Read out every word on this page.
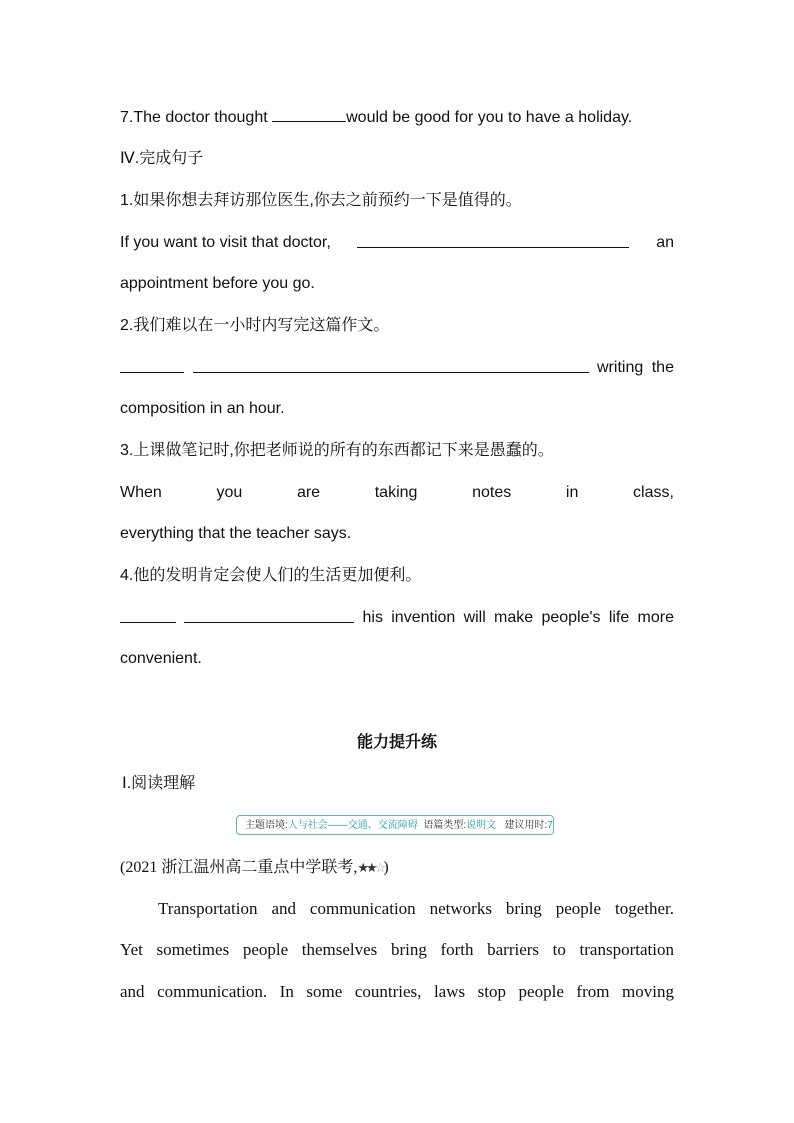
7.The doctor thought	would be good for you to have a holiday.
Ⅳ.完成句子
1.如果你想去拜访那位医生,你去之前预约一下是值得的。
If you want to visit that doctor,	an
appointment before you go.
2.我们难以在一小时内写完这篇作文。
writing the
composition in an hour.
3.上课做笔记时,你把老师说的所有的东西都记下来是愚蠢的。
When	you	are	taking	notes	in	class,
everything that the teacher says.
4.他的发明肯定会使人们的生活更加便利。
his invention will make people's life more
convenient.
能力提升练
Ⅰ.阅读理解
主题语境:人与社会——交通、交流障碍 语篇类型:说明文 建议用时:7
(2021 浙江温州高二重点中学联考,★★☆)
Transportation and communication networks bring people together.
Yet sometimes people themselves bring forth barriers to transportation
and communication. In some countries, laws stop people from moving
